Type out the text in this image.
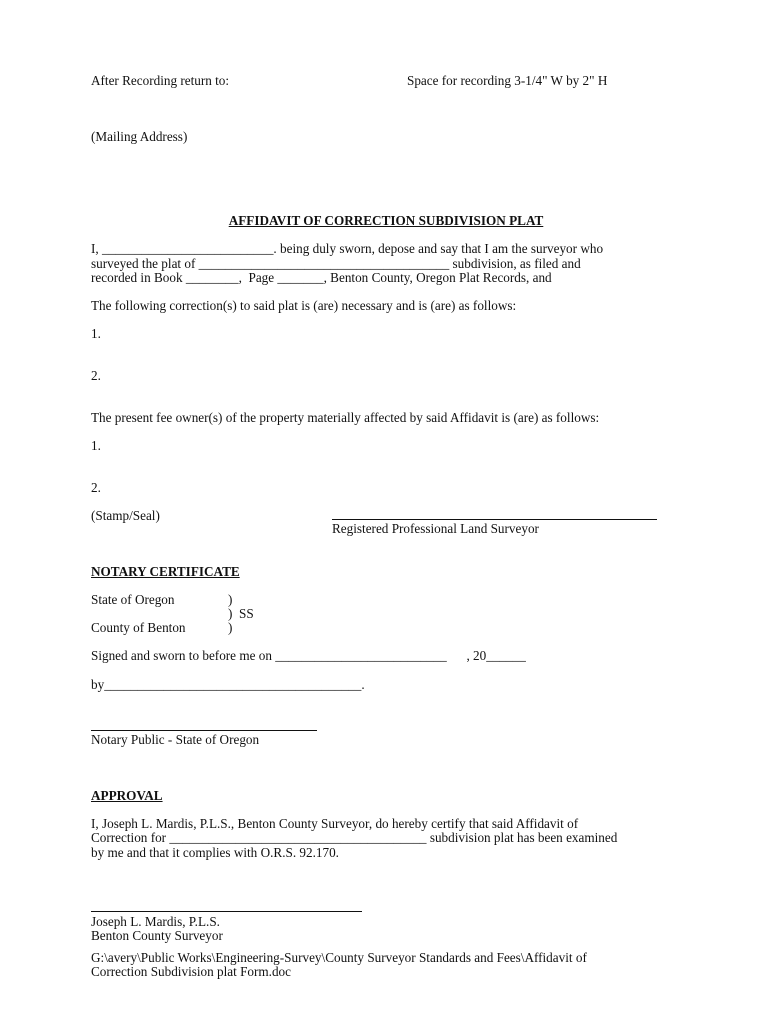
After Recording return to:	Space for recording 3-1/4" W by 2" H
(Mailing Address)
AFFIDAVIT OF CORRECTION SUBDIVISION PLAT
I, __________________________. being duly sworn, depose and say that I am the surveyor who
surveyed the plat of ______________________________________ subdivision, as filed and
recorded in Book ________,  Page _______, Benton County, Oregon Plat Records, and
The following correction(s) to said plat is (are) necessary and is (are) as follows:
1.
2.
The present fee owner(s) of the property materially affected by said Affidavit is (are) as follows:
1.
2.
(Stamp/Seal)
Registered Professional Land Surveyor
NOTARY CERTIFICATE
State of Oregon	)
)  SS
County of Benton	)
Signed and sworn to before me on __________________________      , 20______
by_______________________________________.
Notary Public - State of Oregon
APPROVAL
I, Joseph L. Mardis, P.L.S., Benton County Surveyor, do hereby certify that said Affidavit of
Correction for _______________________________________ subdivision plat has been examined
by me and that it complies with O.R.S. 92.170.
Joseph L. Mardis, P.L.S.
Benton County Surveyor
G:\avery\Public Works\Engineering-Survey\County Surveyor Standards and Fees\Affidavit of
Correction Subdivision plat Form.doc
